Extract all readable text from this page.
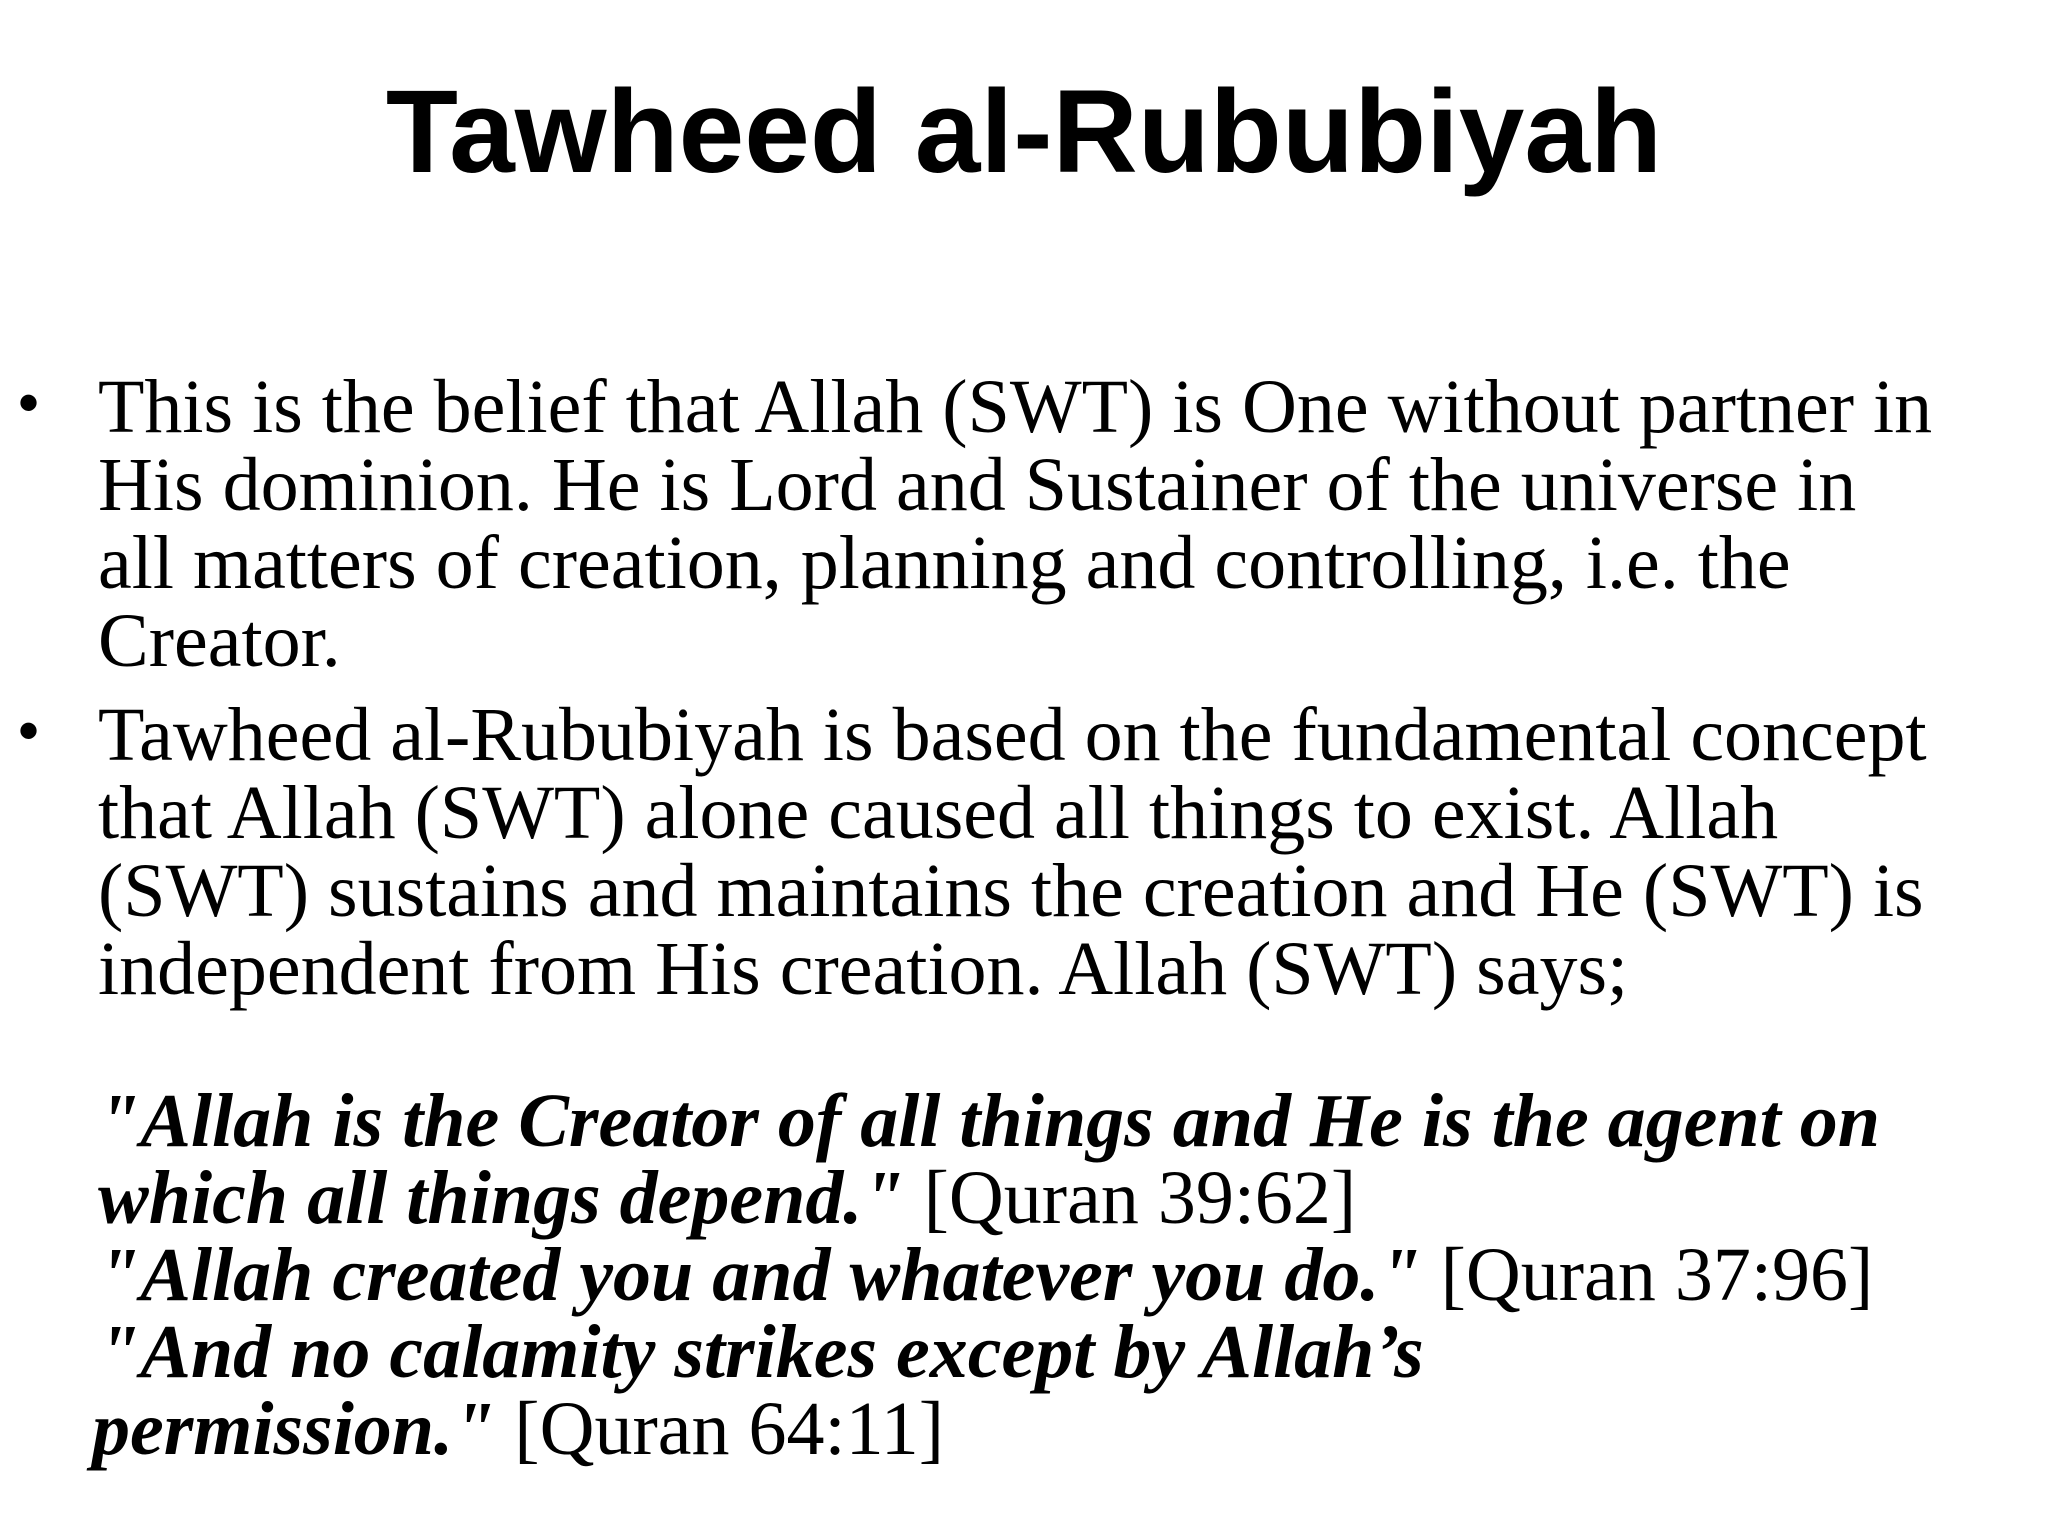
Tawheed al-Rububiyah
• This is the belief that Allah (SWT) is One without partner in
His dominion. He is Lord and Sustainer of the universe in
all matters of creation, planning and controlling, i.e. the
Creator.
• Tawheed al-Rububiyah is based on the fundamental concept
that Allah (SWT) alone caused all things to exist. Allah
(SWT) sustains and maintains the creation and He (SWT) is
independent from His creation. Allah (SWT) says;
"Allah is the Creator of all things and He is the agent on
which all things depend." [Quran 39:62]
"Allah created you and whatever you do." [Quran 37:96]
"And no calamity strikes except by Allah’s
permission." [Quran 64:11]
